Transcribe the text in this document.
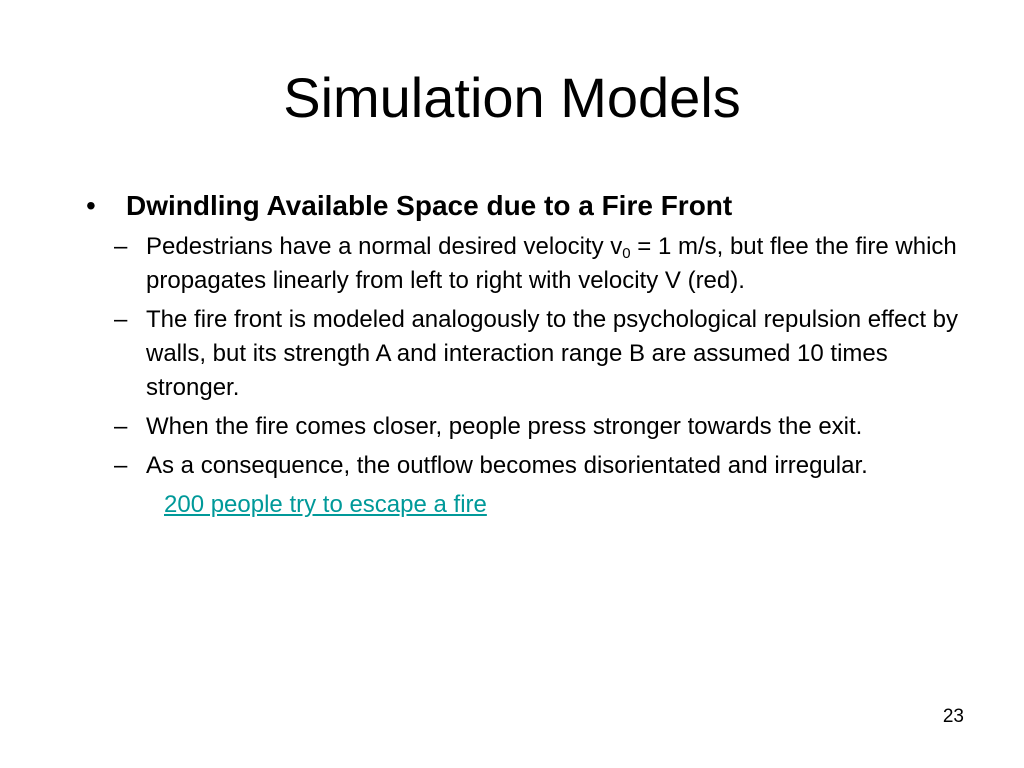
Simulation Models
•	Dwindling Available Space due to a Fire Front
– Pedestrians have a normal desired velocity $v_0 = 1$ m/s, but flee the fire which propagates linearly from left to right with velocity V (red).
– The fire front is modeled analogously to the psychological repulsion effect by walls, but its strength A and interaction range B are assumed 10 times stronger.
– When the fire comes closer, people press stronger towards the exit.
– As a consequence, the outflow becomes disorientated and irregular.
200 people try to escape a fire
23
